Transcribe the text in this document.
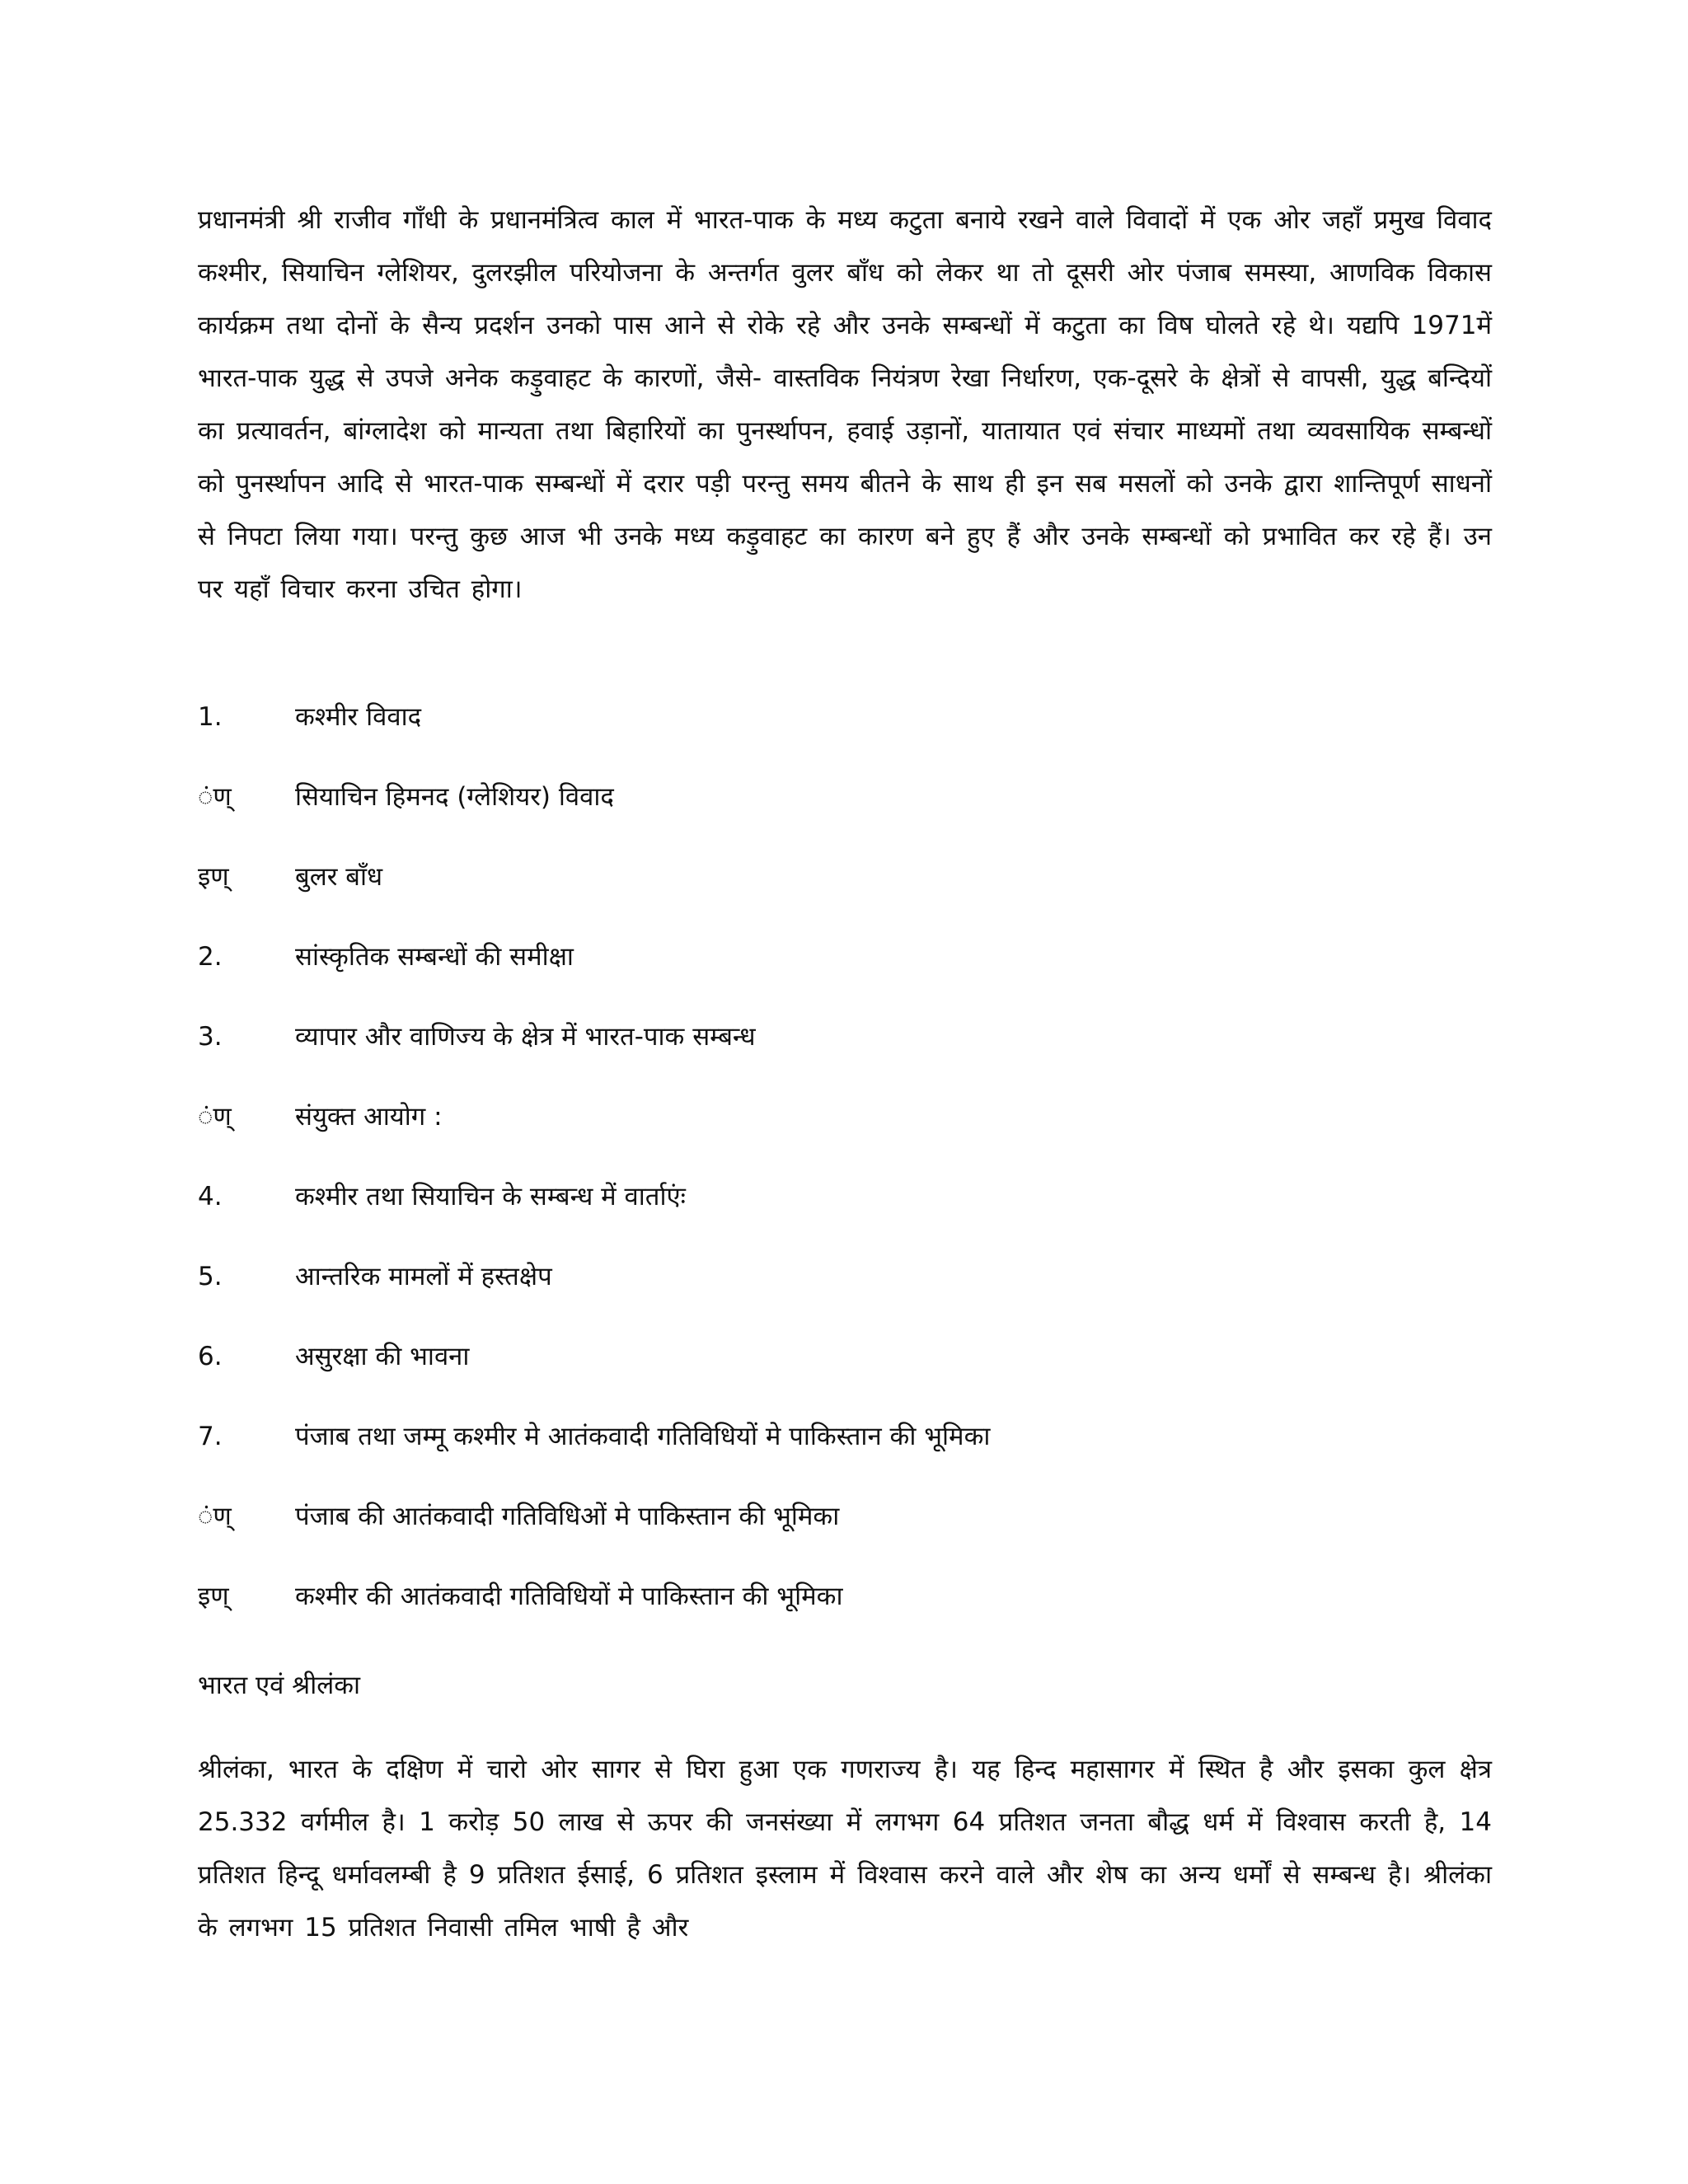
प्रधानमंत्री श्री राजीव गाँधी के प्रधानमंत्रित्व काल में भारत-पाक के मध्य कटुता बनाये रखने वाले विवादों में एक ओर जहाँ प्रमुख विवाद कश्मीर, सियाचिन ग्लेशियर, दुलरझील परियोजना के अन्तर्गत वुलर बाँध को लेकर था तो दूसरी ओर पंजाब समस्या, आणविक विकास कार्यक्रम तथा दोनों के सैन्य प्रदर्शन उनको पास आने से रोके रहे और उनके सम्बन्धों में कटुता का विष घोलते रहे थे। यद्यपि 1971में भारत-पाक युद्ध से उपजे अनेक कड़ुवाहट के कारणों, जैसे- वास्तविक नियंत्रण रेखा निर्धारण, एक-दूसरे के क्षेत्रों से वापसी, युद्ध बन्दियों का प्रत्यावर्तन, बांग्लादेश को मान्यता तथा बिहारियों का पुनर्स्थापन, हवाई उड़ानों, यातायात एवं संचार माध्यमों तथा व्यवसायिक सम्बन्धों को पुनर्स्थापन आदि से भारत-पाक सम्बन्धों में दरार पड़ी परन्तु समय बीतने के साथ ही इन सब मसलों को उनके द्वारा शान्तिपूर्ण साधनों से निपटा लिया गया। परन्तु कुछ आज भी उनके मध्य कड़ुवाहट का कारण बने हुए हैं और उनके सम्बन्धों को प्रभावित कर रहे हैं। उन पर यहाँ विचार करना उचित होगा।

1.	कश्मीर विवाद
ंण्	सियाचिन हिमनद (ग्लेशियर) विवाद
इण्	बुलर बाँध
2.	सांस्कृतिक सम्बन्धों की समीक्षा
3.	व्यापार और वाणिज्य के क्षेत्र में भारत-पाक सम्बन्ध
ंण्	संयुक्त आयोग :
4.	कश्मीर तथा सियाचिन के सम्बन्ध में वार्ताएंः
5.	आन्तरिक मामलों में हस्तक्षेप
6.	असुरक्षा की भावना
7.	पंजाब तथा जम्मू कश्मीर मे आतंकवादी गतिविधियों मे पाकिस्तान की भूमिका
ंण्	पंजाब की आतंकवादी गतिविधिओं मे पाकिस्तान की भूमिका
इण्	कश्मीर की आतंकवादी गतिविधियों मे पाकिस्तान की भूमिका
भारत एवं श्रीलंका

श्रीलंका, भारत के दक्षिण में चारो ओर सागर से घिरा हुआ एक गणराज्य है। यह हिन्द महासागर में स्थित है और इसका कुल क्षेत्र 25.332 वर्गमील है। 1 करोड़ 50 लाख से ऊपर की जनसंख्या में लगभग 64 प्रतिशत जनता बौद्ध धर्म में विश्वास करती है, 14 प्रतिशत हिन्दू धर्मावलम्बी है 9 प्रतिशत ईसाई, 6 प्रतिशत इस्लाम में विश्वास करने वाले और शेष का अन्य धर्मों से सम्बन्ध है। श्रीलंका के लगभग 15 प्रतिशत निवासी तमिल भाषी है और
